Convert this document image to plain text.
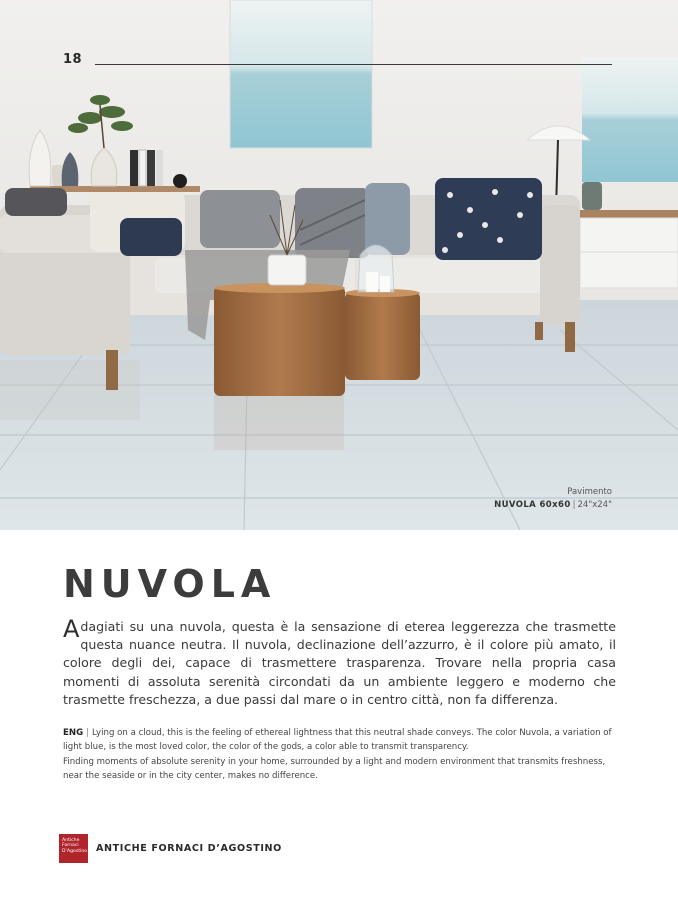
18
Pavimento
NUVOLA 60x60 | 24"x24"
NUVOLA

Adagiati su una nuvola, questa è la sensazione di eterea leggerezza che trasmette questa nuance neutra. Il nuvola, declinazione dell’azzurro, è il colore più amato, il colore degli dei, capace di trasmettere trasparenza. Trovare nella propria casa momenti di assoluta serenità circondati da un ambiente leggero e moderno che trasmette freschezza, a due passi dal mare o in centro città, non fa differenza.

ENG | Lying on a cloud, this is the feeling of ethereal lightness that this neutral shade conveys. The color Nuvola, a variation of light blue, is the most loved color, the color of the gods, a color able to transmit transparency.
Finding moments of absolute serenity in your home, surrounded by a light and modern environment that transmits freshness, near the seaside or in the city center, makes no difference.
Antiche Fornaci D’Agostino ANTICHE FORNACI D’AGOSTINO
